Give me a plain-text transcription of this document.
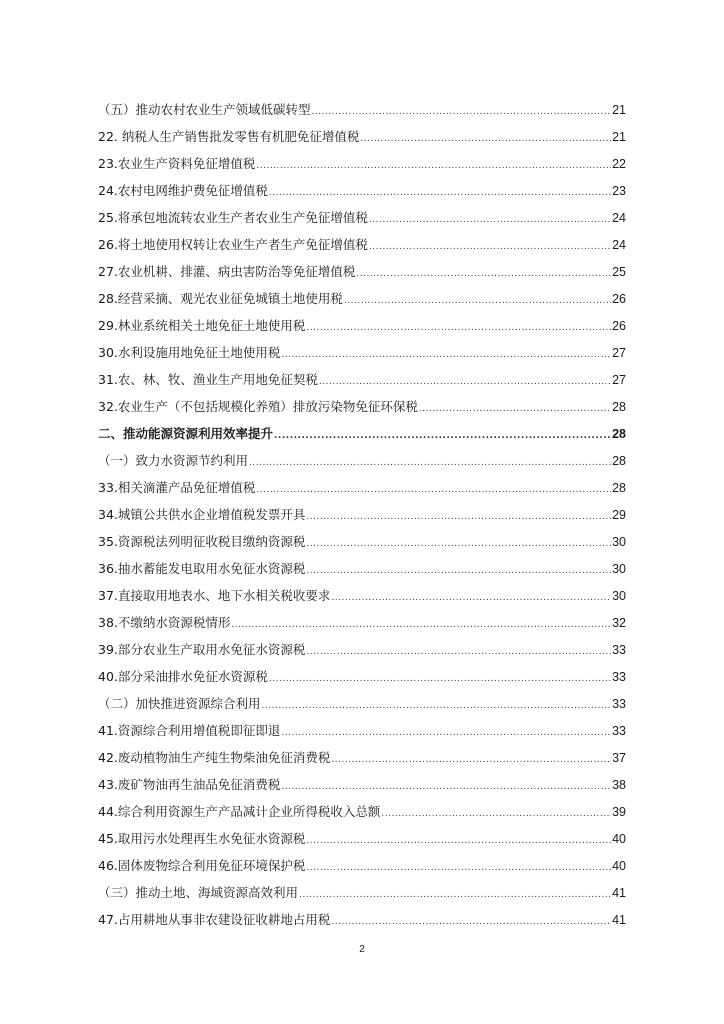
（五）推动农村农业生产领域低碳转型 .....	21
22. 纳税人生产销售批发零售有机肥免征增值税 .....	21
23.农业生产资料免征增值税 .....	22
24.农村电网维护费免征增值税 .....	23
25.将承包地流转农业生产者农业生产免征增值税 .....	24
26.将土地使用权转让农业生产者生产免征增值税 .....	24
27.农业机耕、排灌、病虫害防治等免征增值税 .....	25
28.经营采摘、观光农业征免城镇土地使用税 .....	26
29.林业系统相关土地免征土地使用税 .....	26
30.水利设施用地免征土地使用税 .....	27
31.农、林、牧、渔业生产用地免征契税 .....	27
32.农业生产（不包括规模化养殖）排放污染物免征环保税 .....	28
二、推动能源资源利用效率提升 .....	28
（一）致力水资源节约利用 .....	28
33.相关滴灌产品免征增值税 .....	28
34.城镇公共供水企业增值税发票开具 .....	29
35.资源税法列明征收税目缴纳资源税 .....	30
36.抽水蓄能发电取用水免征水资源税 .....	30
37.直接取用地表水、地下水相关税收要求 .....	30
38.不缴纳水资源税情形 .....	32
39.部分农业生产取用水免征水资源税 .....	33
40.部分采油排水免征水资源税 .....	33
（二）加快推进资源综合利用 .....	33
41.资源综合利用增值税即征即退 .....	33
42.废动植物油生产纯生物柴油免征消费税 .....	37
43.废矿物油再生油品免征消费税 .....	38
44.综合利用资源生产产品减计企业所得税收入总额 .....	39
45.取用污水处理再生水免征水资源税 .....	40
46.固体废物综合利用免征环境保护税 .....	40
（三）推动土地、海域资源高效利用 .....	41
47.占用耕地从事非农建设征收耕地占用税 .....	41
2
